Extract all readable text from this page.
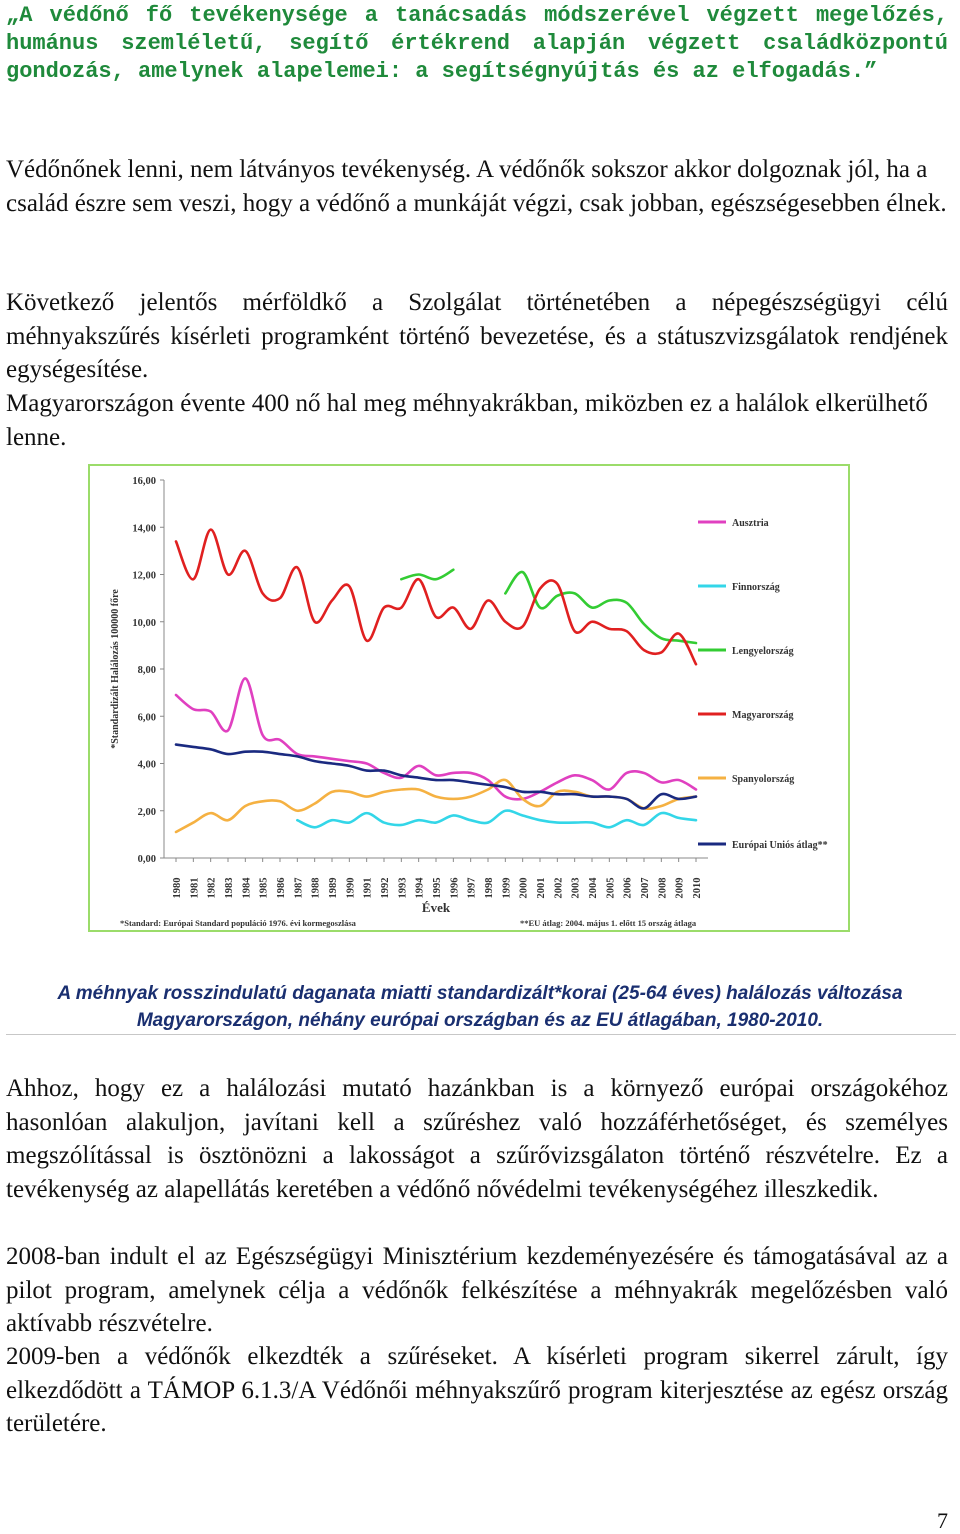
„A védőnő fő tevékenysége a tanácsadás módszerével végzett megelőzés, humánus szemléletű, segítő értékrend alapján végzett családközpontú gondozás, amelynek alapelemei: a segítségnyújtás és az elfogadás.”

Védőnőnek lenni, nem látványos tevékenység. A védőnők sokszor akkor dolgoznak jól, ha a család észre sem veszi, hogy a védőnő a munkáját végzi, csak jobban, egészségesebben élnek.

Következő jelentős mérföldkő a Szolgálat történetében a népegészségügyi célú méhnyakszűrés kísérleti programként történő bevezetése, és a státuszvizsgálatok rendjének egységesítése.

Magyarországon évente 400 nő hal meg méhnyakrákban, miközben ez a halálok elkerülhető lenne.

0,00
2,00
4,00
6,00
8,00
10,00
12,00
14,00
16,00
1980 1981 1982 1983 1984 1985 1986 1987 1988 1989 1990 1991 1992 1993 1994 1995 1996 1997 1998 1999 2000 2001 2002 2003 2004 2005 2006 2007 2008 2009 2010
*Standardizált Halálozás 100000 főre
Évek
*Standard: Európai Standard populáció 1976. évi kormegoszlása	**EU átlag: 2004. május 1. előtt 15 ország átlaga
Ausztria
Finnország
Lengyelország
Magyarország
Spanyolország
Európai Uniós átlag**
A méhnyak rosszindulatú daganata miatti standardizált*korai (25-64 éves) halálozás változása
Magyarországon, néhány európai országban és az EU átlagában, 1980-2010.

Ahhoz, hogy ez a halálozási mutató hazánkban is a környező európai országokéhoz hasonlóan alakuljon, javítani kell a szűréshez való hozzáférhetőséget, és személyes megszólítással is ösztönözni a lakosságot a szűrővizsgálaton történő részvételre. Ez a tevékenység az alapellátás keretében a védőnő nővédelmi tevékenységéhez illeszkedik.

2008-ban indult el az Egészségügyi Minisztérium kezdeményezésére és támogatásával az a pilot program, amelynek célja a védőnők felkészítése a méhnyakrák megelőzésben való aktívabb részvételre.

2009-ben a védőnők elkezdték a szűréseket. A kísérleti program sikerrel zárult, így elkezdődött a TÁMOP 6.1.3/A Védőnői méhnyakszűrő program kiterjesztése az egész ország területére.

7
